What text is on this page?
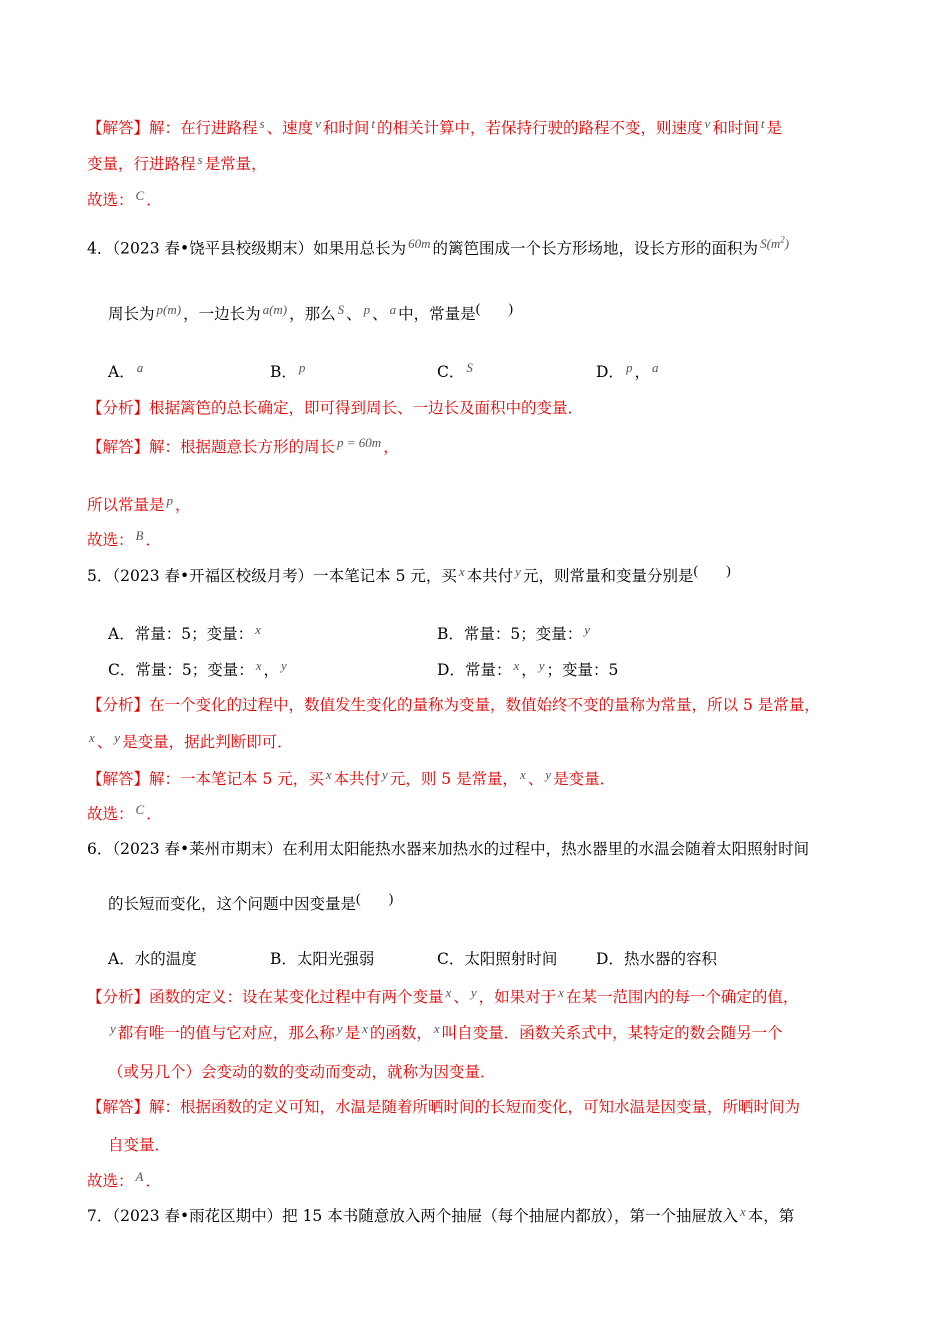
【解答】解：在行进路程 $^s$ 、速度 $^v$ 和时间 $^t$ 的相关计算中，若保持行驶的路程不变，则速度 $^v$ 和时间 $^t$ 是
变量，行进路程 $^s$ 是常量，
故选： $^C$ ．
4．（2023 春•饶平县校级期末）如果用总长为 $^{60m}$ 的篱笆围成一个长方形场地，设长方形的面积为 $^{S(m^2)}$
周长为 $^{p(m)}$ ，一边长为 $^{a(m)}$ ，那么 $^S$ 、 $^p$ 、 $^a$ 中，常量是(　　)
A． $^a$	B． $^p$	C． $^S$	D． $^p$ ， $^a$
【分析】根据篱笆的总长确定，即可得到周长、一边长及面积中的变量．
【解答】解：根据题意长方形的周长 $^{p = 60m}$ ，
所以常量是 $^p$ ，
故选： $^B$ ．
5．（2023 春•开福区校级月考）一本笔记本 5 元，买 $^x$ 本共付 $^y$ 元，则常量和变量分别是(　　)
A．常量：5；变量： $^x$	B．常量：5；变量： $^y$
C．常量：5；变量： $^x$ ， $^y$	D．常量： $^x$ ， $^y$ ；变量：5
【分析】在一个变化的过程中，数值发生变化的量称为变量，数值始终不变的量称为常量，所以 5 是常量，
$^x$ 、 $^y$ 是变量，据此判断即可．
【解答】解：一本笔记本 5 元，买 $^x$ 本共付 $^y$ 元，则 5 是常量， $^x$ 、 $^y$ 是变量．
故选： $^C$ ．
6．（2023 春•莱州市期末）在利用太阳能热水器来加热水的过程中，热水器里的水温会随着太阳照射时间
的长短而变化，这个问题中因变量是(　　)
A．水的温度	B．太阳光强弱	C．太阳照射时间 D．热水器的容积
【分析】函数的定义：设在某变化过程中有两个变量 $^x$ 、 $^y$ ，如果对于 $^x$ 在某一范围内的每一个确定的值，
$^y$ 都有唯一的值与它对应，那么称 $^y$ 是 $^x$ 的函数， $^x$ 叫自变量．函数关系式中，某特定的数会随另一个
（或另几个）会变动的数的变动而变动，就称为因变量．
【解答】解：根据函数的定义可知，水温是随着所晒时间的长短而变化，可知水温是因变量，所晒时间为
自变量．
故选： $^A$ ．
7．（2023 春•雨花区期中）把 15 本书随意放入两个抽屉（每个抽屉内都放），第一个抽屉放入 $^x$ 本，第
